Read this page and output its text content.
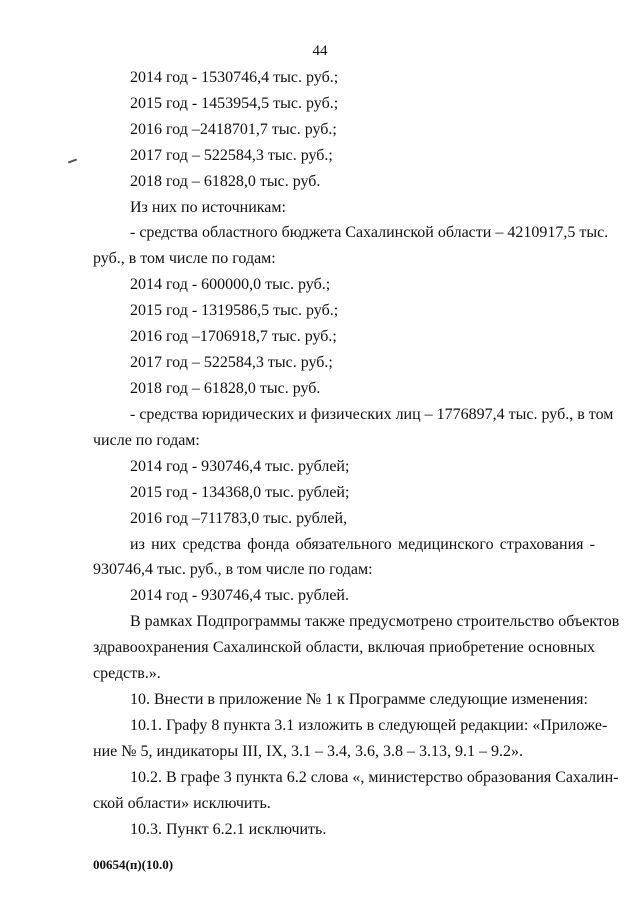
44
2014 год - 1530746,4 тыс. руб.;
2015 год - 1453954,5 тыс. руб.;
2016 год –2418701,7 тыс. руб.;
2017 год – 522584,3 тыс. руб.;
2018 год – 61828,0 тыс. руб.
Из них по источникам:
- средства областного бюджета Сахалинской области – 4210917,5 тыс.
руб., в том числе по годам:
2014 год - 600000,0 тыс. руб.;
2015 год - 1319586,5 тыс. руб.;
2016 год –1706918,7 тыс. руб.;
2017 год – 522584,3 тыс. руб.;
2018 год – 61828,0 тыс. руб.
- средства юридических и физических лиц – 1776897,4 тыс. руб., в том
числе по годам:
2014 год - 930746,4 тыс. рублей;
2015 год - 134368,0 тыс. рублей;
2016 год –711783,0 тыс. рублей,
из них средства фонда обязательного медицинского страхования -
930746,4 тыс. руб., в том числе по годам:
2014 год - 930746,4 тыс. рублей.
В рамках Подпрограммы также предусмотрено строительство объектов
здравоохранения Сахалинской области, включая приобретение основных
средств.».
10. Внести в приложение № 1 к Программе следующие изменения:
10.1. Графу 8 пункта 3.1 изложить в следующей редакции: «Приложе-
ние № 5, индикаторы III, IX, 3.1 – 3.4, 3.6, 3.8 – 3.13, 9.1 – 9.2».
10.2. В графе 3 пункта 6.2 слова «, министерство образования Сахалин-
ской области» исключить.
10.3. Пункт 6.2.1 исключить.
00654(п)(10.0)
